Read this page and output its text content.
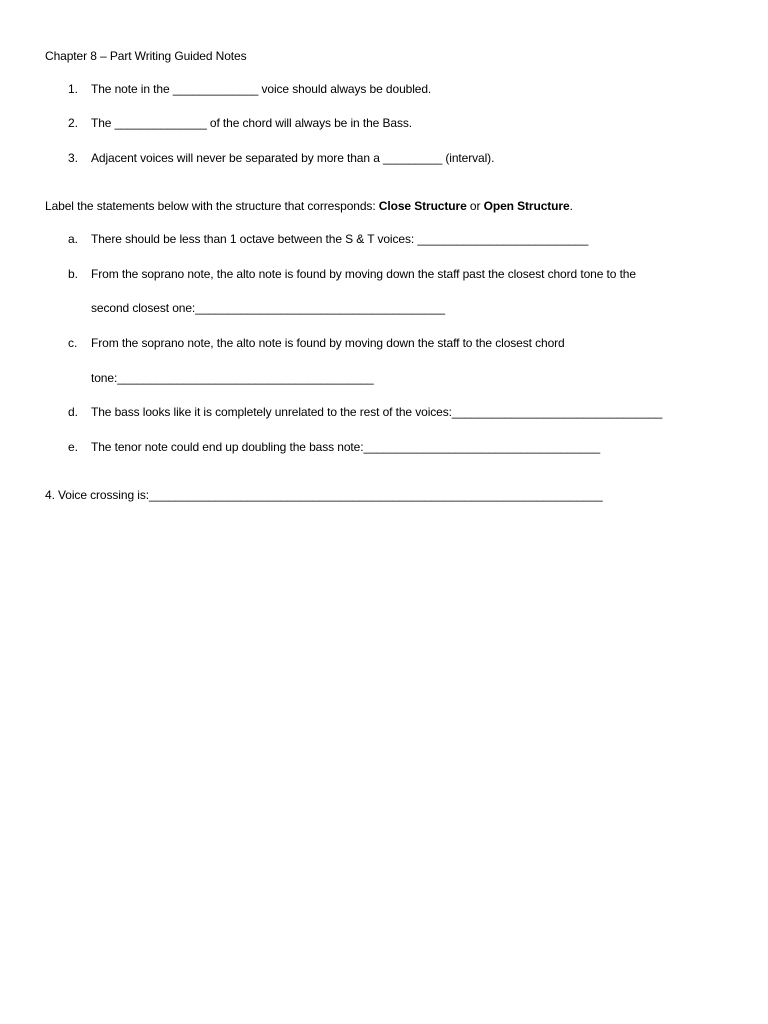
Chapter 8 – Part Writing Guided Notes
1. The note in the _____________ voice should always be doubled.
2. The ______________ of the chord will always be in the Bass.
3. Adjacent voices will never be separated by more than a _________ (interval).
Label the statements below with the structure that corresponds: Close Structure or Open Structure.
a. There should be less than 1 octave between the S & T voices: __________________________
b. From the soprano note, the alto note is found by moving down the staff past the closest chord tone to the
second closest one:______________________________________
c. From the soprano note, the alto note is found by moving down the staff to the closest chord
tone:_______________________________________
d. The bass looks like it is completely unrelated to the rest of the voices:________________________________
e. The tenor note could end up doubling the bass note:____________________________________
4. Voice crossing is:_____________________________________________________________________
